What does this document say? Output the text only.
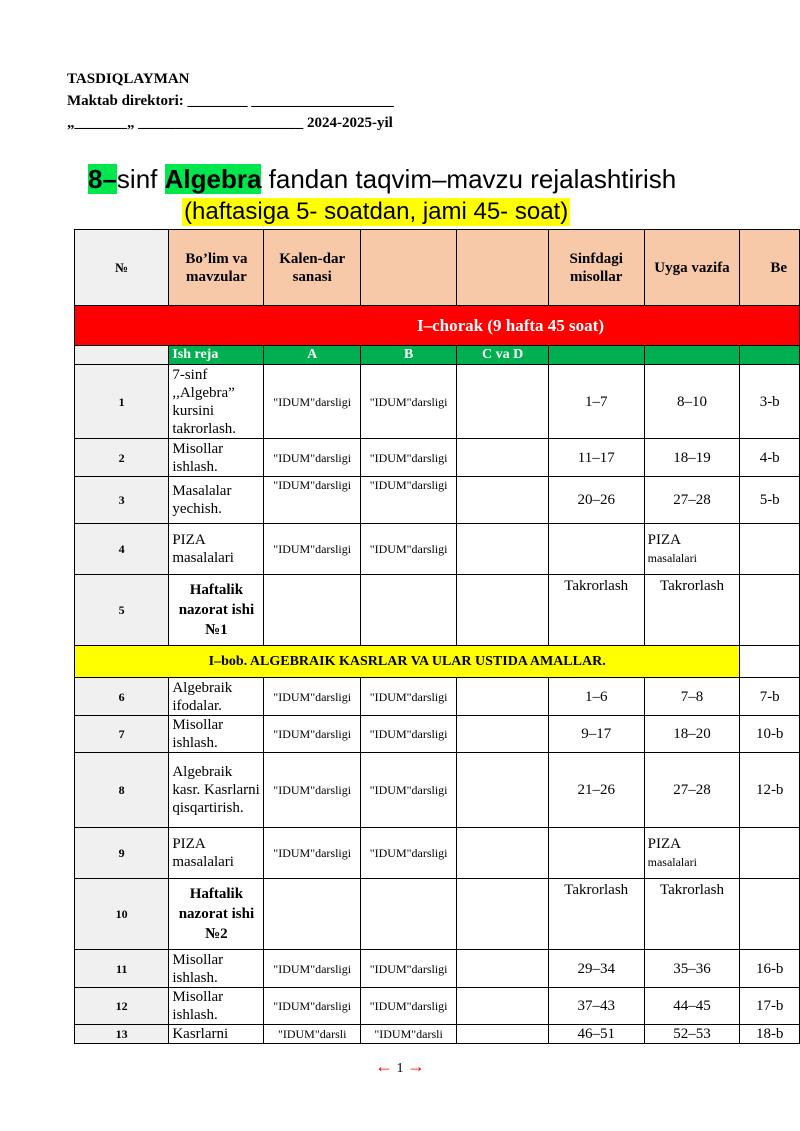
TASDIQLAYMAN
Maktab direktori: ________ ___________________
„_______„ ______________________ 2024-2025-yil
8–sinf Algebra fandan taqvim–mavzu rejalashtirish
(haftasiga 5- soatdan, jami 45- soat)
№	Bo’lim va mavzular	Kalen-dar sanasi			Sinfdagi misollar	Uyga vazifa	Be
I–chorak (9 hafta 45 soat)							
	Ish reja	A	B	C va D			
1	7-sinf ,,Algebra” kursini takrorlash.	"IDUM"darsligi	"IDUM"darsligi		1–7	8–10	3-b
2	Misollar ishlash.	"IDUM"darsligi	"IDUM"darsligi		11–17	18–19	4-b
3	Masalalar yechish.	"IDUM"darsligi	"IDUM"darsligi		20–26	27–28	5-b
4	PIZA masalalari	"IDUM"darsligi	"IDUM"darsligi			PIZA
masalalari	

5	Haftalik nazorat ishi №1				Takrorlash	Takrorlash	
I–bob. ALGEBRAIK KASRLAR VA ULAR USTIDA AMALLAR.							
6	Algebraik ifodalar.	"IDUM"darsligi	"IDUM"darsligi		1–6	7–8	7-b
7	Misollar ishlash.	"IDUM"darsligi	"IDUM"darsligi		9–17	18–20	10-b
8	Algebraik kasr. Kasrlarni qisqartirish.	"IDUM"darsligi	"IDUM"darsligi		21–26	27–28	12-b
9	PIZA masalalari	"IDUM"darsligi	"IDUM"darsligi			PIZA
masalalari	

10	Haftalik nazorat ishi №2				Takrorlash	Takrorlash	
11	Misollar ishlash.	"IDUM"darsligi	"IDUM"darsligi		29–34	35–36	16-b
12	Misollar ishlash.	"IDUM"darsligi	"IDUM"darsligi		37–43	44–45	17-b
13	Kasrlarni	"IDUM"darsli	"IDUM"darsli		46–51	52–53	18-b
← 1 →
